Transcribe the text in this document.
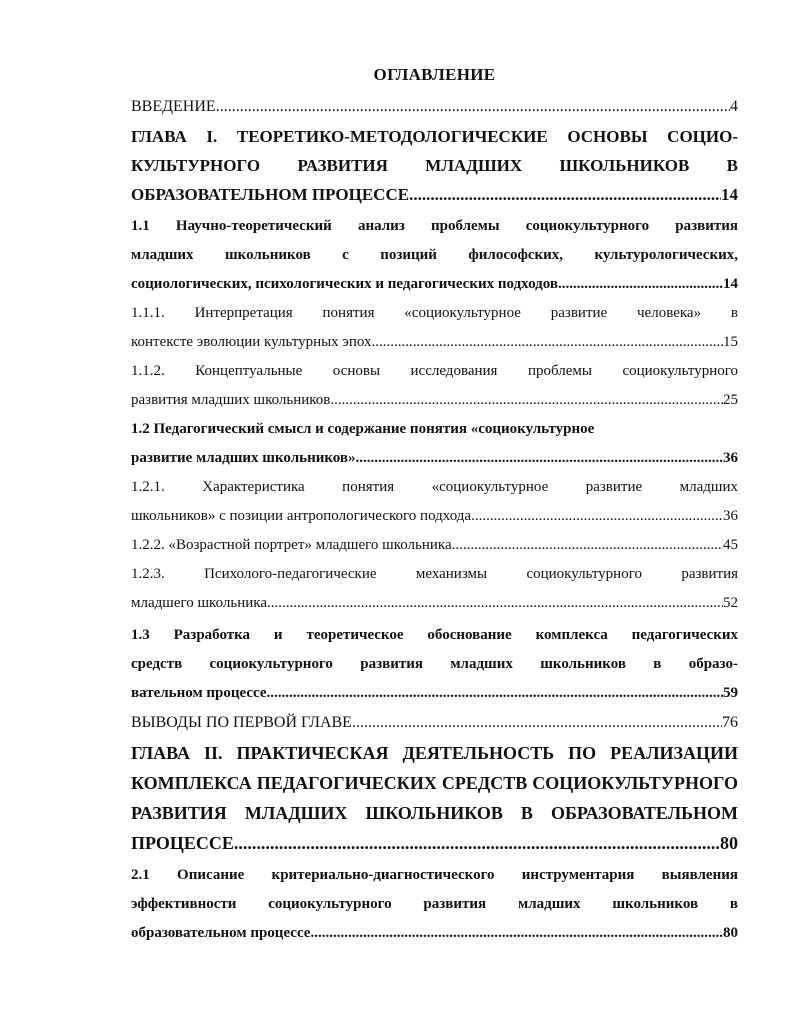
ОГЛАВЛЕНИЕ
ВВЕДЕНИЕ .....	4
ГЛАВА I. ТЕОРЕТИКО-МЕТОДОЛОГИЧЕСКИЕ ОСНОВЫ СОЦИО-
КУЛЬТУРНОГО РАЗВИТИЯ МЛАДШИХ ШКОЛЬНИКОВ В
ОБРАЗОВАТЕЛЬНОМ ПРОЦЕССЕ .....	14
1.1 Научно-теоретический анализ проблемы социокультурного развития
младших школьников с позиций философских, культурологических,
социологических, психологических и педагогических подходов .....	14
1.1.1. Интерпретация понятия «социокультурное развитие человека» в
контексте эволюции культурных эпох .....	15
1.1.2. Концептуальные основы исследования проблемы социокультурного
развития младших школьников .....	25
1.2 Педагогический смысл и содержание понятия «социокультурное
развитие младших школьников» .....	36
1.2.1. Характеристика понятия «социокультурное развитие младших
школьников» с позиции антропологического подхода .....	36
1.2.2. «Возрастной портрет» младшего школьника .....	45
1.2.3. Психолого-педагогические механизмы социокультурного развития
младшего школьника .....	52
1.3 Разработка и теоретическое обоснование комплекса педагогических
средств социокультурного развития младших школьников в образо-
вательном процессе .....	59
ВЫВОДЫ ПО ПЕРВОЙ ГЛАВЕ .....	76
ГЛАВА II. ПРАКТИЧЕСКАЯ ДЕЯТЕЛЬНОСТЬ ПО РЕАЛИЗАЦИИ
КОМПЛЕКСА ПЕДАГОГИЧЕСКИХ СРЕДСТВ СОЦИОКУЛЬТУРНОГО
РАЗВИТИЯ МЛАДШИХ ШКОЛЬНИКОВ В ОБРАЗОВАТЕЛЬНОМ
ПРОЦЕССЕ .....	80
2.1 Описание критериально-диагностического инструментария выявления
эффективности социокультурного развития младших школьников в
образовательном процессе .....	80
